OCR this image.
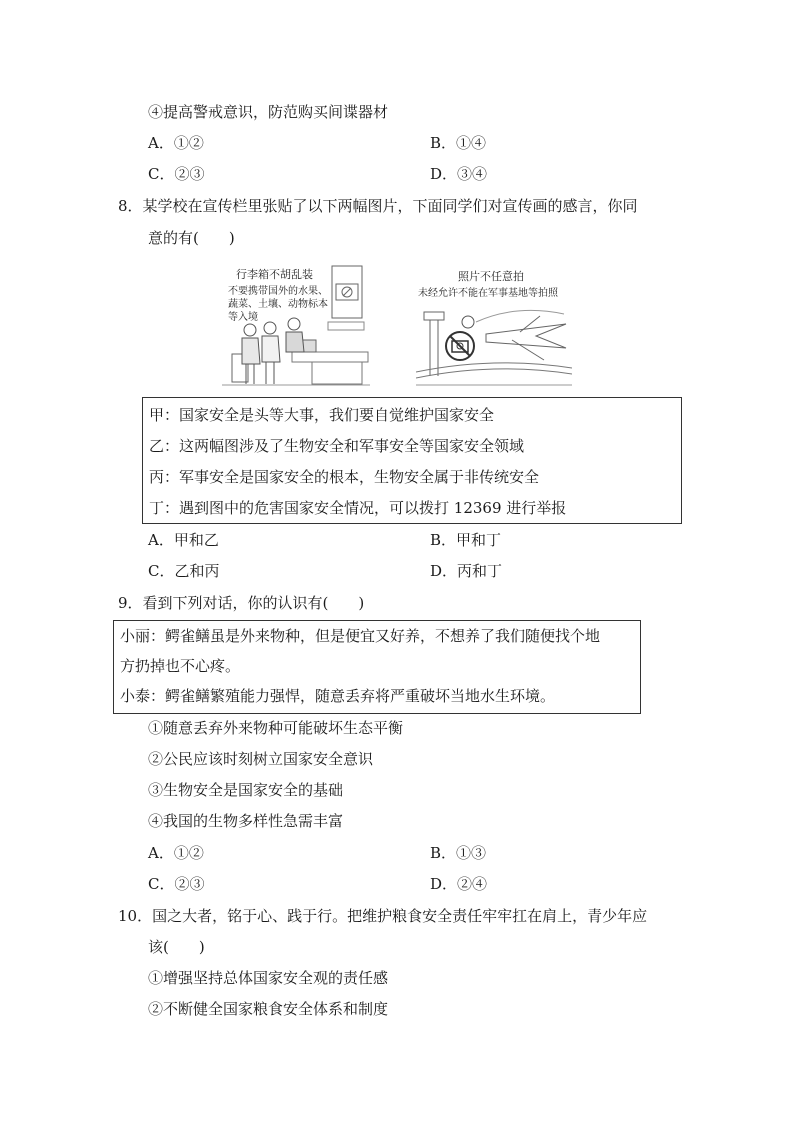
④提高警戒意识，防范购买间谍器材
A．①②	B．①④
C．②③	D．③④
8．某学校在宣传栏里张贴了以下两幅图片，下面同学们对宣传画的感言，你同
意的有(　　)
行李箱不胡乱装
不要携带国外的水果、
蔬菜、土壤、动物标本
等入境
照片不任意拍
未经允许不能在军事基地等拍照
甲：国家安全是头等大事，我们要自觉维护国家安全
乙：这两幅图涉及了生物安全和军事安全等国家安全领域
丙：军事安全是国家安全的根本，生物安全属于非传统安全
丁：遇到图中的危害国家安全情况，可以拨打 12369 进行举报
A．甲和乙	B．甲和丁
C．乙和丙	D．丙和丁
9．看到下列对话，你的认识有(　　)
小丽：鳄雀鳝虽是外来物种，但是便宜又好养，不想养了我们随便找个地
方扔掉也不心疼。
小泰：鳄雀鳝繁殖能力强悍，随意丢弃将严重破坏当地水生环境。
①随意丢弃外来物种可能破坏生态平衡
②公民应该时刻树立国家安全意识
③生物安全是国家安全的基础
④我国的生物多样性急需丰富
A．①②	B．①③
C．②③	D．②④
10．国之大者，铭于心、践于行。把维护粮食安全责任牢牢扛在肩上，青少年应
该(　　)
①增强坚持总体国家安全观的责任感
②不断健全国家粮食安全体系和制度
